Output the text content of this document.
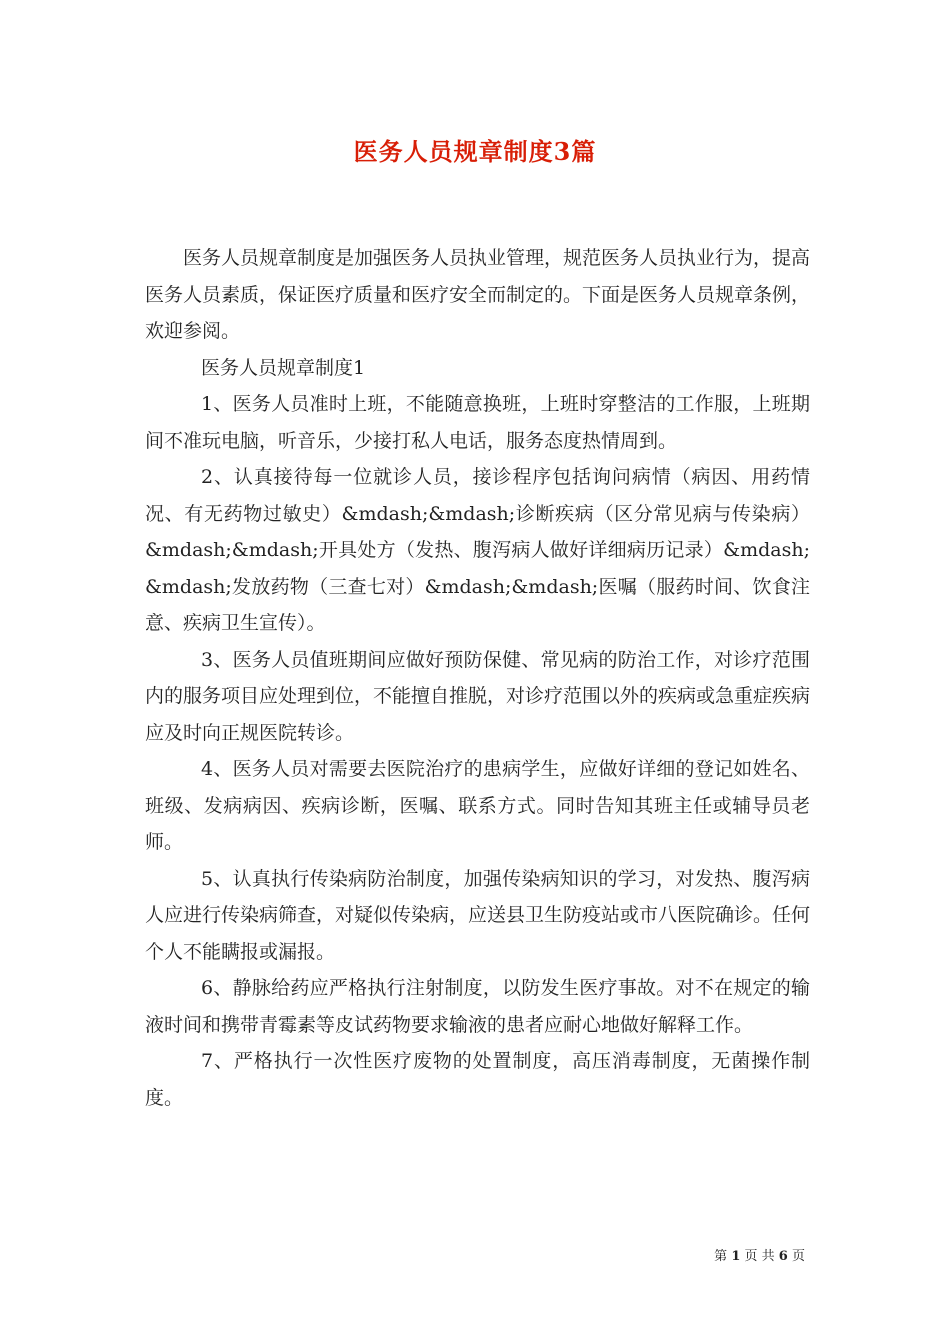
医务人员规章制度3篇

医务人员规章制度是加强医务人员执业管理，规范医务人员执业行为，提高医务人员素质，保证医疗质量和医疗安全而制定的。下面是医务人员规章条例，欢迎参阅。

医务人员规章制度1

1、医务人员准时上班，不能随意换班，上班时穿整洁的工作服，上班期间不准玩电脑，听音乐，少接打私人电话，服务态度热情周到。

2、认真接待每一位就诊人员，接诊程序包括询问病情（病因、用药情况、有无药物过敏史）&mdash;&mdash;诊断疾病（区分常见病与传染病）&mdash;&mdash;开具处方（发热、腹泻病人做好详细病历记录）&mdash;&mdash;发放药物（三查七对）&mdash;&mdash;医嘱（服药时间、饮食注意、疾病卫生宣传）。

3、医务人员值班期间应做好预防保健、常见病的防治工作，对诊疗范围内的服务项目应处理到位，不能擅自推脱，对诊疗范围以外的疾病或急重症疾病应及时向正规医院转诊。

4、医务人员对需要去医院治疗的患病学生，应做好详细的登记如姓名、班级、发病病因、疾病诊断，医嘱、联系方式。同时告知其班主任或辅导员老师。

5、认真执行传染病防治制度，加强传染病知识的学习，对发热、腹泻病人应进行传染病筛查，对疑似传染病，应送县卫生防疫站或市八医院确诊。任何个人不能瞒报或漏报。

6、静脉给药应严格执行注射制度，以防发生医疗事故。对不在规定的输液时间和携带青霉素等皮试药物要求输液的患者应耐心地做好解释工作。

7、严格执行一次性医疗废物的处置制度，高压消毒制度，无菌操作制度。

第 1 页 共 6 页
